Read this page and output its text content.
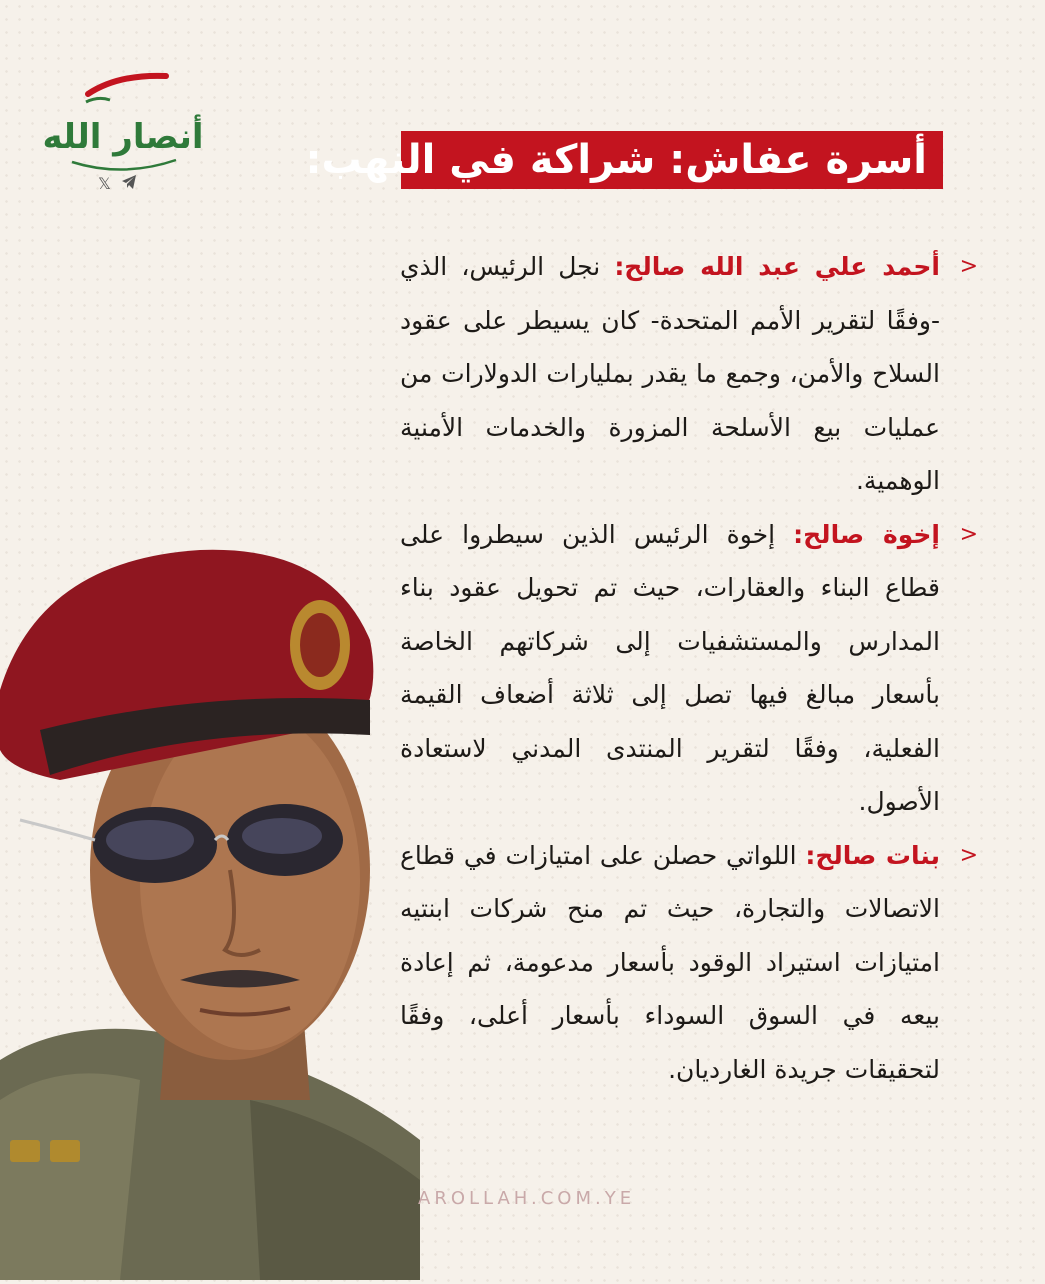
أنصار الله
𝕏
أسرة عفاش: شراكة في النهب:
>
أحمد علي عبد الله صالح: نجل الرئيس، الذي -وفقًا لتقرير الأمم المتحدة- كان يسيطر على عقود السلاح والأمن، وجمع ما يقدر بمليارات الدولارات من عمليات بيع الأسلحة المزورة والخدمات الأمنية الوهمية.
>
إخوة صالح: إخوة الرئيس الذين سيطروا على قطاع البناء والعقارات، حيث تم تحويل عقود بناء المدارس والمستشفيات إلى شركاتهم الخاصة بأسعار مبالغ فيها تصل إلى ثلاثة أضعاف القيمة الفعلية، وفقًا لتقرير المنتدى المدني لاستعادة الأصول.
>
بنات صالح: اللواتي حصلن على امتيازات في قطاع الاتصالات والتجارة، حيث تم منح شركات ابنتيه امتيازات استيراد الوقود بأسعار مدعومة، ثم إعادة بيعه في السوق السوداء بأسعار أعلى، وفقًا لتحقيقات جريدة الغارديان.
AROLLAH.COM.YE
